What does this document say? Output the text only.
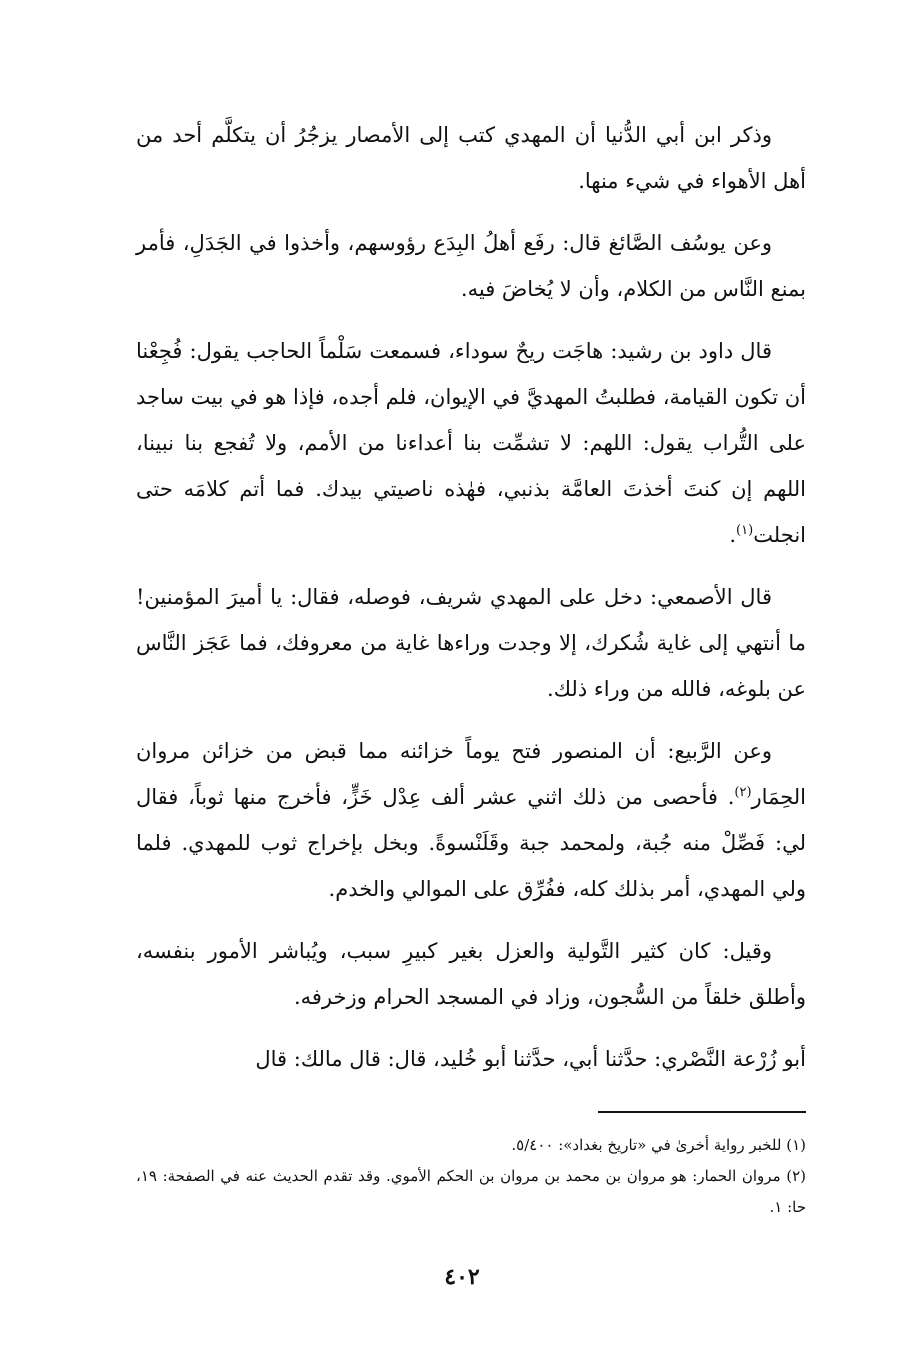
وذكر ابن أبي الدُّنيا أن المهدي كتب إلى الأمصار يزجُرُ أن يتكلَّم أحد من أهل الأهواء في شيء منها.

وعن يوسُف الصَّائغ قال: رفَع أهلُ البِدَع رؤوسهم، وأخذوا في الجَدَلِ، فأمر بمنع النَّاس من الكلام، وأن لا يُخاضَ فيه.

قال داود بن رشيد: هاجَت ريحٌ سوداء، فسمعت سَلْماً الحاجب يقول: فُجِعْنا أن تكون القيامة، فطلبتُ المهديَّ في الإيوان، فلم أجده، فإذا هو في بيت ساجد على التُّراب يقول: اللهم: لا تشمِّت بنا أعداءنا من الأمم، ولا تُفجع بنا نبينا، اللهم إن كنتَ أخذتَ العامَّة بذنبي، فهٰذه ناصيتي بيدك. فما أتم كلامَه حتى انجلت$^{(١)}$.

قال الأصمعي: دخل على المهدي شريف، فوصله، فقال: يا أميرَ المؤمنين! ما أنتهي إلى غاية شُكرك، إلا وجدت وراءها غاية من معروفك، فما عَجَز النَّاس عن بلوغه، فالله من وراء ذلك.

وعن الرَّبيع: أن المنصور فتح يوماً خزائنه مما قبض من خزائن مروان الحِمَار$^{(٢)}$. فأحصى من ذلك اثني عشر ألف عِدْل خَزٍّ، فأخرج منها ثوباً، فقال لي: فَصِّلْ منه جُبة، ولمحمد جبة وقَلَنْسوةً. وبخل بإخراج ثوب للمهدي. فلما ولي المهدي، أمر بذلك كله، ففُرِّق على الموالي والخدم.

وقيل: كان كثير التَّولية والعزل بغير كبيرِ سبب، ويُباشر الأمور بنفسه، وأطلق خلقاً من السُّجون، وزاد في المسجد الحرام وزخرفه.

أبو زُرْعة النَّصْري: حدَّثنا أبي، حدَّثنا أبو خُليد، قال: قال مالك: قال

(١) للخبر رواية أخرىٰ في «تاريخ بغداد»: ٥/٤٠٠.

(٢) مروان الحمار: هو مروان بن محمد بن مروان بن الحكم الأموي. وقد تقدم الحديث عنه في الصفحة: ١٩، حا: ١.

٤٠٢
